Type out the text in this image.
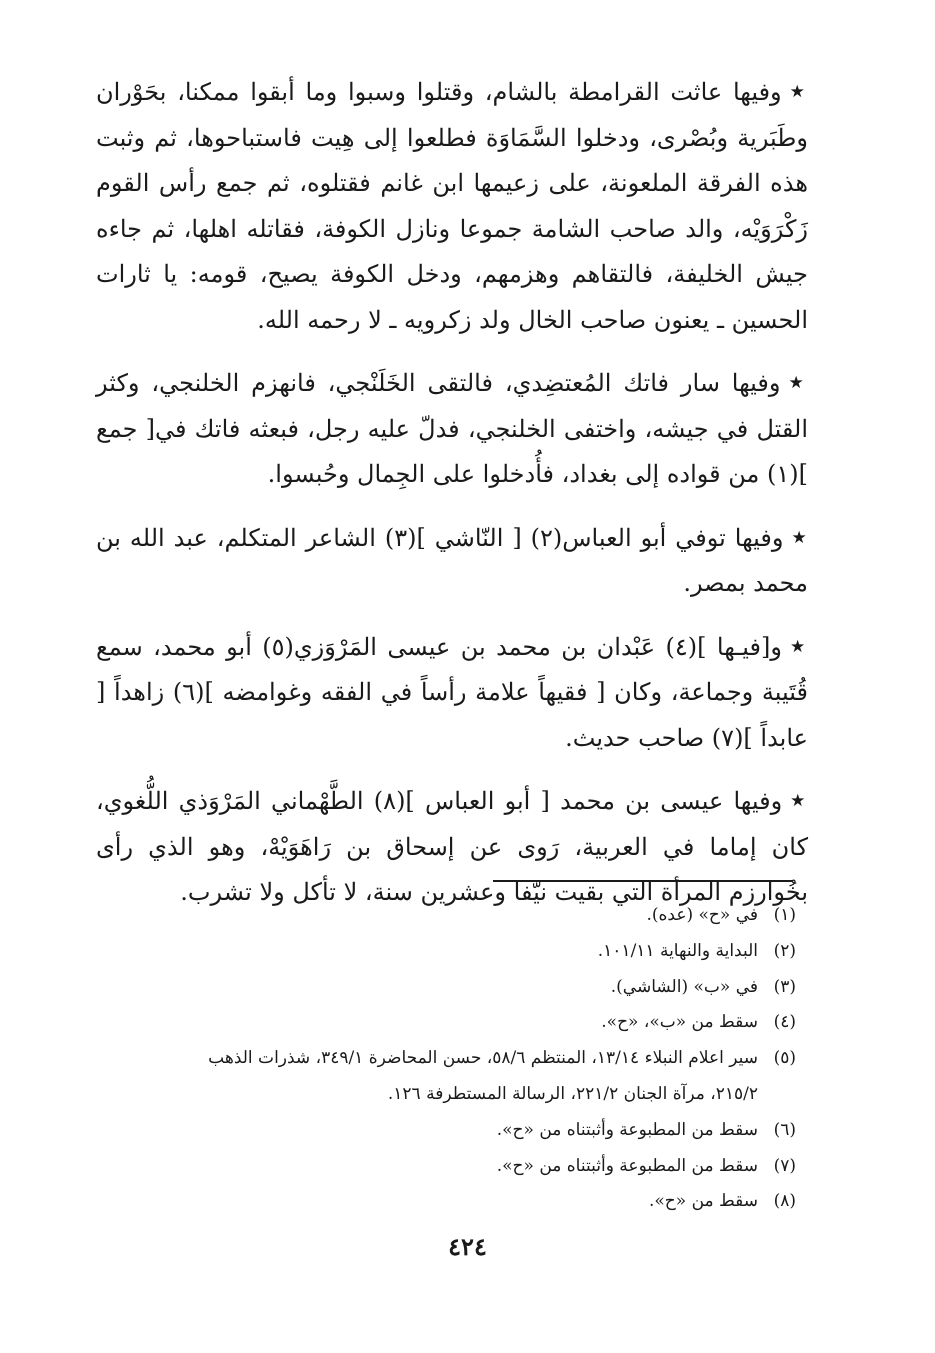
★وفيها عاثت القرامطة بالشام، وقتلوا وسبوا وما أبقوا ممكنا، بحَوْران وطَبَرية وبُصْرى، ودخلوا السَّمَاوَة فطلعوا إلى هِيت فاستباحوها، ثم وثبت هذه الفرقة الملعونة، على زعيمها ابن غانم فقتلوه، ثم جمع رأس القوم زَكْرَوَيْه، والد صاحب الشامة جموعا ونازل الكوفة، فقاتله اهلها، ثم جاءه جيش الخليفة، فالتقاهم وهزمهم، ودخل الكوفة يصيح، قومه: يا ثارات الحسين ـ يعنون صاحب الخال ولد زكرويه ـ لا رحمه الله.

★وفيها سار فاتك المُعتضِدي، فالتقى الخَلَنْجي، فانهزم الخلنجي، وكثر القتل في جيشه، واختفى الخلنجي، فدلّ عليه رجل، فبعثه فاتك في[ جمع ](١) من قواده إلى بغداد، فأُدخلوا على الجِمال وحُبسوا.

★وفيها توفي أبو العباس(٢) [ النّاشي ](٣) الشاعر المتكلم، عبد الله بن محمد بمصر.

★و[فيـها ](٤) عَبْدان بن محمد بن عيسى المَرْوَزي(٥) أبو محمد، سمع قُتَيبة وجماعة، وكان [ فقيهاً علامة رأساً في الفقه وغوامضه ](٦) زاهداً [ عابداً ](٧) صاحب حديث.

★وفيها عيسى بن محمد [ أبو العباس ](٨) الطَّهْماني المَرْوَذي اللُّغوي، كان إماما في العربية، رَوى عن إسحاق بن رَاهَوَيْهْ، وهو الذي رأى بخُوارزم المرأة التي بقيت نيّفا وعشرين سنة، لا تأكل ولا تشرب.

(١)في «ح» (عده).

(٢)البداية والنهاية ١٠١/١١.

(٣)في «ب» (الشاشي).

(٤)سقط من «ب»، «ح».

(٥)سير اعلام النبلاء ١٣/١٤، المنتظم ٥٨/٦، حسن المحاضرة ٣٤٩/١، شذرات الذهب

٢١٥/٢، مرآة الجنان ٢٢١/٢، الرسالة المستطرفة ١٢٦.

(٦)سقط من المطبوعة وأثبتناه من «ح».

(٧)سقط من المطبوعة وأثبتناه من «ح».

(٨)سقط من «ح».

٤٢٤
